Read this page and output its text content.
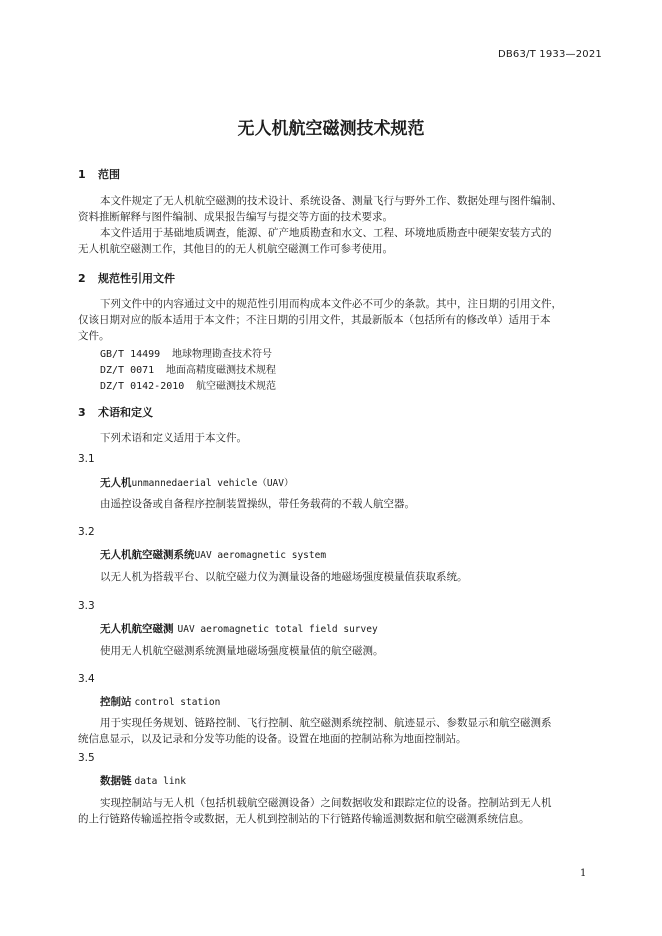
DB63/T 1933—2021
无人机航空磁测技术规范
1 范围
本文件规定了无人机航空磁测的技术设计、系统设备、测量飞行与野外工作、数据处理与图件编制、
资料推断解释与图件编制、成果报告编写与提交等方面的技术要求。
本文件适用于基础地质调查，能源、矿产地质勘查和水文、工程、环境地质勘查中硬架安装方式的
无人机航空磁测工作，其他目的的无人机航空磁测工作可参考使用。
2 规范性引用文件
下列文件中的内容通过文中的规范性引用而构成本文件必不可少的条款。其中，注日期的引用文件，
仅该日期对应的版本适用于本文件；不注日期的引用文件，其最新版本（包括所有的修改单）适用于本
文件。
GB/T 14499 地球物理勘查技术符号
DZ/T 0071 地面高精度磁测技术规程
DZ/T 0142-2010 航空磁测技术规范
3 术语和定义
下列术语和定义适用于本文件。
3.1
无人机unmannedaerial vehicle（UAV）
由遥控设备或自备程序控制装置操纵，带任务载荷的不载人航空器。
3.2
无人机航空磁测系统UAV aeromagnetic system
以无人机为搭载平台、以航空磁力仪为测量设备的地磁场强度模量值获取系统。
3.3
无人机航空磁测 UAV aeromagnetic total field survey
使用无人机航空磁测系统测量地磁场强度模量值的航空磁测。
3.4
控制站 control station
用于实现任务规划、链路控制、飞行控制、航空磁测系统控制、航迹显示、参数显示和航空磁测系
统信息显示，以及记录和分发等功能的设备。设置在地面的控制站称为地面控制站。
3.5
数据链 data link
实现控制站与无人机（包括机载航空磁测设备）之间数据收发和跟踪定位的设备。控制站到无人机
的上行链路传输遥控指令或数据，无人机到控制站的下行链路传输遥测数据和航空磁测系统信息。
1
